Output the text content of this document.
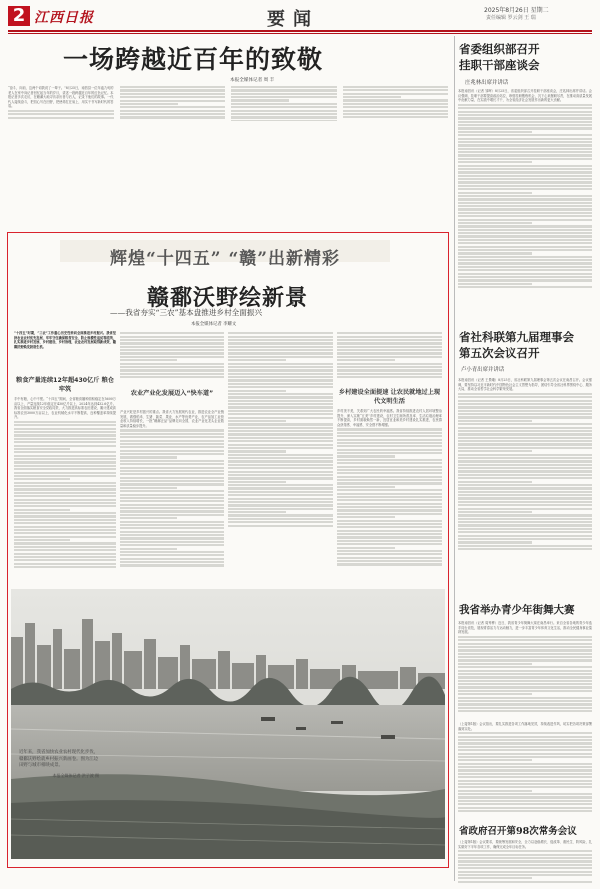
2 江西日报	要闻	2025年8月26日 星期二
责任编辑 罗云剑 王 瑞
一场跨越近百年的致敬
本报全媒体记者 周 丰
“奋斗，向前，这两个词我说了一辈子。”8月25日，南昌县一位年逾九旬的老人在家中向记者回忆起当年的岁月，讲述一段跨越近百年的红色记忆。本报记者多次走访，在赣鄱大地寻访亲历者与后人，记录下他们的故事。一代代人接续奋斗，把初心写在田野，把使命扛在肩上，用实干书写新时代的答卷。
省委组织部召开
挂职干部座谈会
庄兆林出席并讲话
本报南昌讯（记者 邹晖）8月25日，省委组织部召开挂职干部座谈会，庄兆林出席并讲话。会议强调，挂职干部要提高政治站位，珍惜挂职锻炼机会，沉下心来履职尽责，在推动高质量发展中贡献力量，在实践中增长才干，为全省经济社会发展作出新的更大贡献。
省社科联第九届理事会
第五次会议召开
卢小青出席并讲话
本报南昌讯（记者 王景曦）8月25日，省社科联第九届理事会第五次会议在南昌召开。会议强调，要坚持以习近平新时代中国特色社会主义思想为指导，团结引导全省社科界围绕中心、服务大局，推动全省哲学社会科学繁荣发展。
我省举办青少年街舞大赛
本报南昌讯（记者 周秀桦）近日，我省青少年街舞大赛在南昌举行。来自全省各地的青少年选手同台竞技，展现青春活力与运动魅力，进一步丰富青少年体育文化生活，推动全民健身事业蓬勃发展。
（上接第1版）会议指出，要扎实推进各项工作落地见效，持续改进作风，切实把各项决策部署落到实处。
省政府召开第98次常务会议
（上接第1版）会议要求，要统筹发展和安全，全力以赴稳增长、促改革、惠民生、防风险，扎实做好下半年各项工作，确保完成全年目标任务。
辉煌“十四五” “赣”出新精彩
赣鄱沃野绘新景
——我省夯实“三农”基本盘推进乡村全面振兴
本报全媒体记者 李耀文
“十四五”时期，“三农”工作重心历史性转向全面推进乡村振兴。我省坚持农业农村优先发展，牢牢守住确保粮食安全、防止规模性返贫等底线，扎实推进乡村发展、乡村建设、乡村治理，农业农村发展取得新成效，赣鄱沃野焕发勃勃生机。
粮食产量连续12年超430亿斤 粮仓牢筑
手中有粮，心中不慌。“十四五”期间，全省粮食播种面积稳定在5600万亩以上，产量连续12年稳定在430亿斤以上，2024年达到432.6亿斤。我省全面落实粮食安全党政同责，大力推进高标准农田建设，累计建成高标准农田3000万亩以上，农业机械化水平不断提高，良种覆盖率持续提升。
农业产业化发展迈入“快车道”
产业兴旺是乡村振兴的重点。我省大力发展现代农业，推进农业全产业链发展，做强稻米、生猪、蔬菜、果业、水产等优势产业，农产品加工业营业收入持续增长，一批“赣鄱正品”品牌走向全国，农业产业化龙头企业数量和质量稳步提升。
乡村建设全面提速 让农民就地过上现代文明生活
乡村美不美，关系到广大农民的幸福感。我省持续推进农村人居环境整治提升，深入实施“五美”乡村建设，农村卫生厕所普及率、生活垃圾治理率不断提高，乡村面貌焕然一新，宜居宜业和美乡村建设扎实推进，农民群众获得感、幸福感、安全感不断增强。
近年来，我省加快农业农村现代化步伐，赣鄱沃野绘就乡村振兴新画卷。图为江边田野与城市相映成景。
本报全媒体记者 洪子波 摄
